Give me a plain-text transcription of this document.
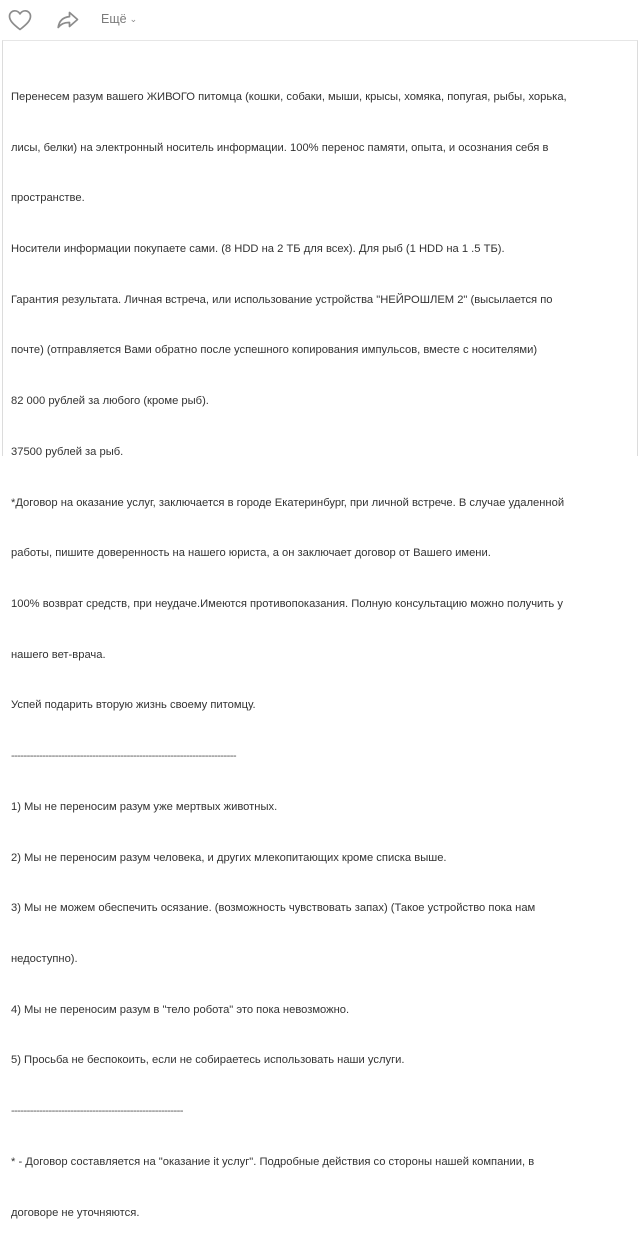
Ещё ⌄

Перенесем разум вашего ЖИВОГО питомца (кошки, собаки, мыши, крысы, хомяка, попугая, рыбы, хорька,

лисы, белки) на электронный носитель информации. 100% перенос памяти, опыта, и осознания себя в

пространстве.

Носители информации покупаете сами. (8 HDD на 2 ТБ для всех). Для рыб (1 HDD на 1 .5 ТБ).

Гарантия результата. Личная встреча, или использование устройства "НЕЙРОШЛЕМ 2" (высылается по

почте) (отправляется Вами обратно после успешного копирования импульсов, вместе с носителями)

82 000 рублей за любого (кроме рыб).

37500 рублей за рыб.

*Договор на оказание услуг, заключается в городе Екатеринбург, при личной встрече. В случае удаленной

работы, пишите доверенность на нашего юриста, а он заключает договор от Вашего имени.

100% возврат средств, при неудаче.Имеются противопоказания. Полную консультацию можно получить у

нашего вет-врача.

Успей подарить вторую жизнь своему питомцу.

------------------------------------------------------------------------

1) Мы не переносим разум уже мертвых животных.

2) Мы не переносим разум человека, и других млекопитающих кроме списка выше.

3) Мы не можем обеспечить осязание. (возможность чувствовать запах) (Такое устройство пока нам

недоступно).

4) Мы не переносим разум в "тело робота" это пока невозможно.

5) Просьба не беспокоить, если не собираетесь использовать наши услуги.

-------------------------------------------------------

* - Договор составляется на "оказание it услуг". Подробные действия со стороны нашей компании, в

договоре не уточняются.
